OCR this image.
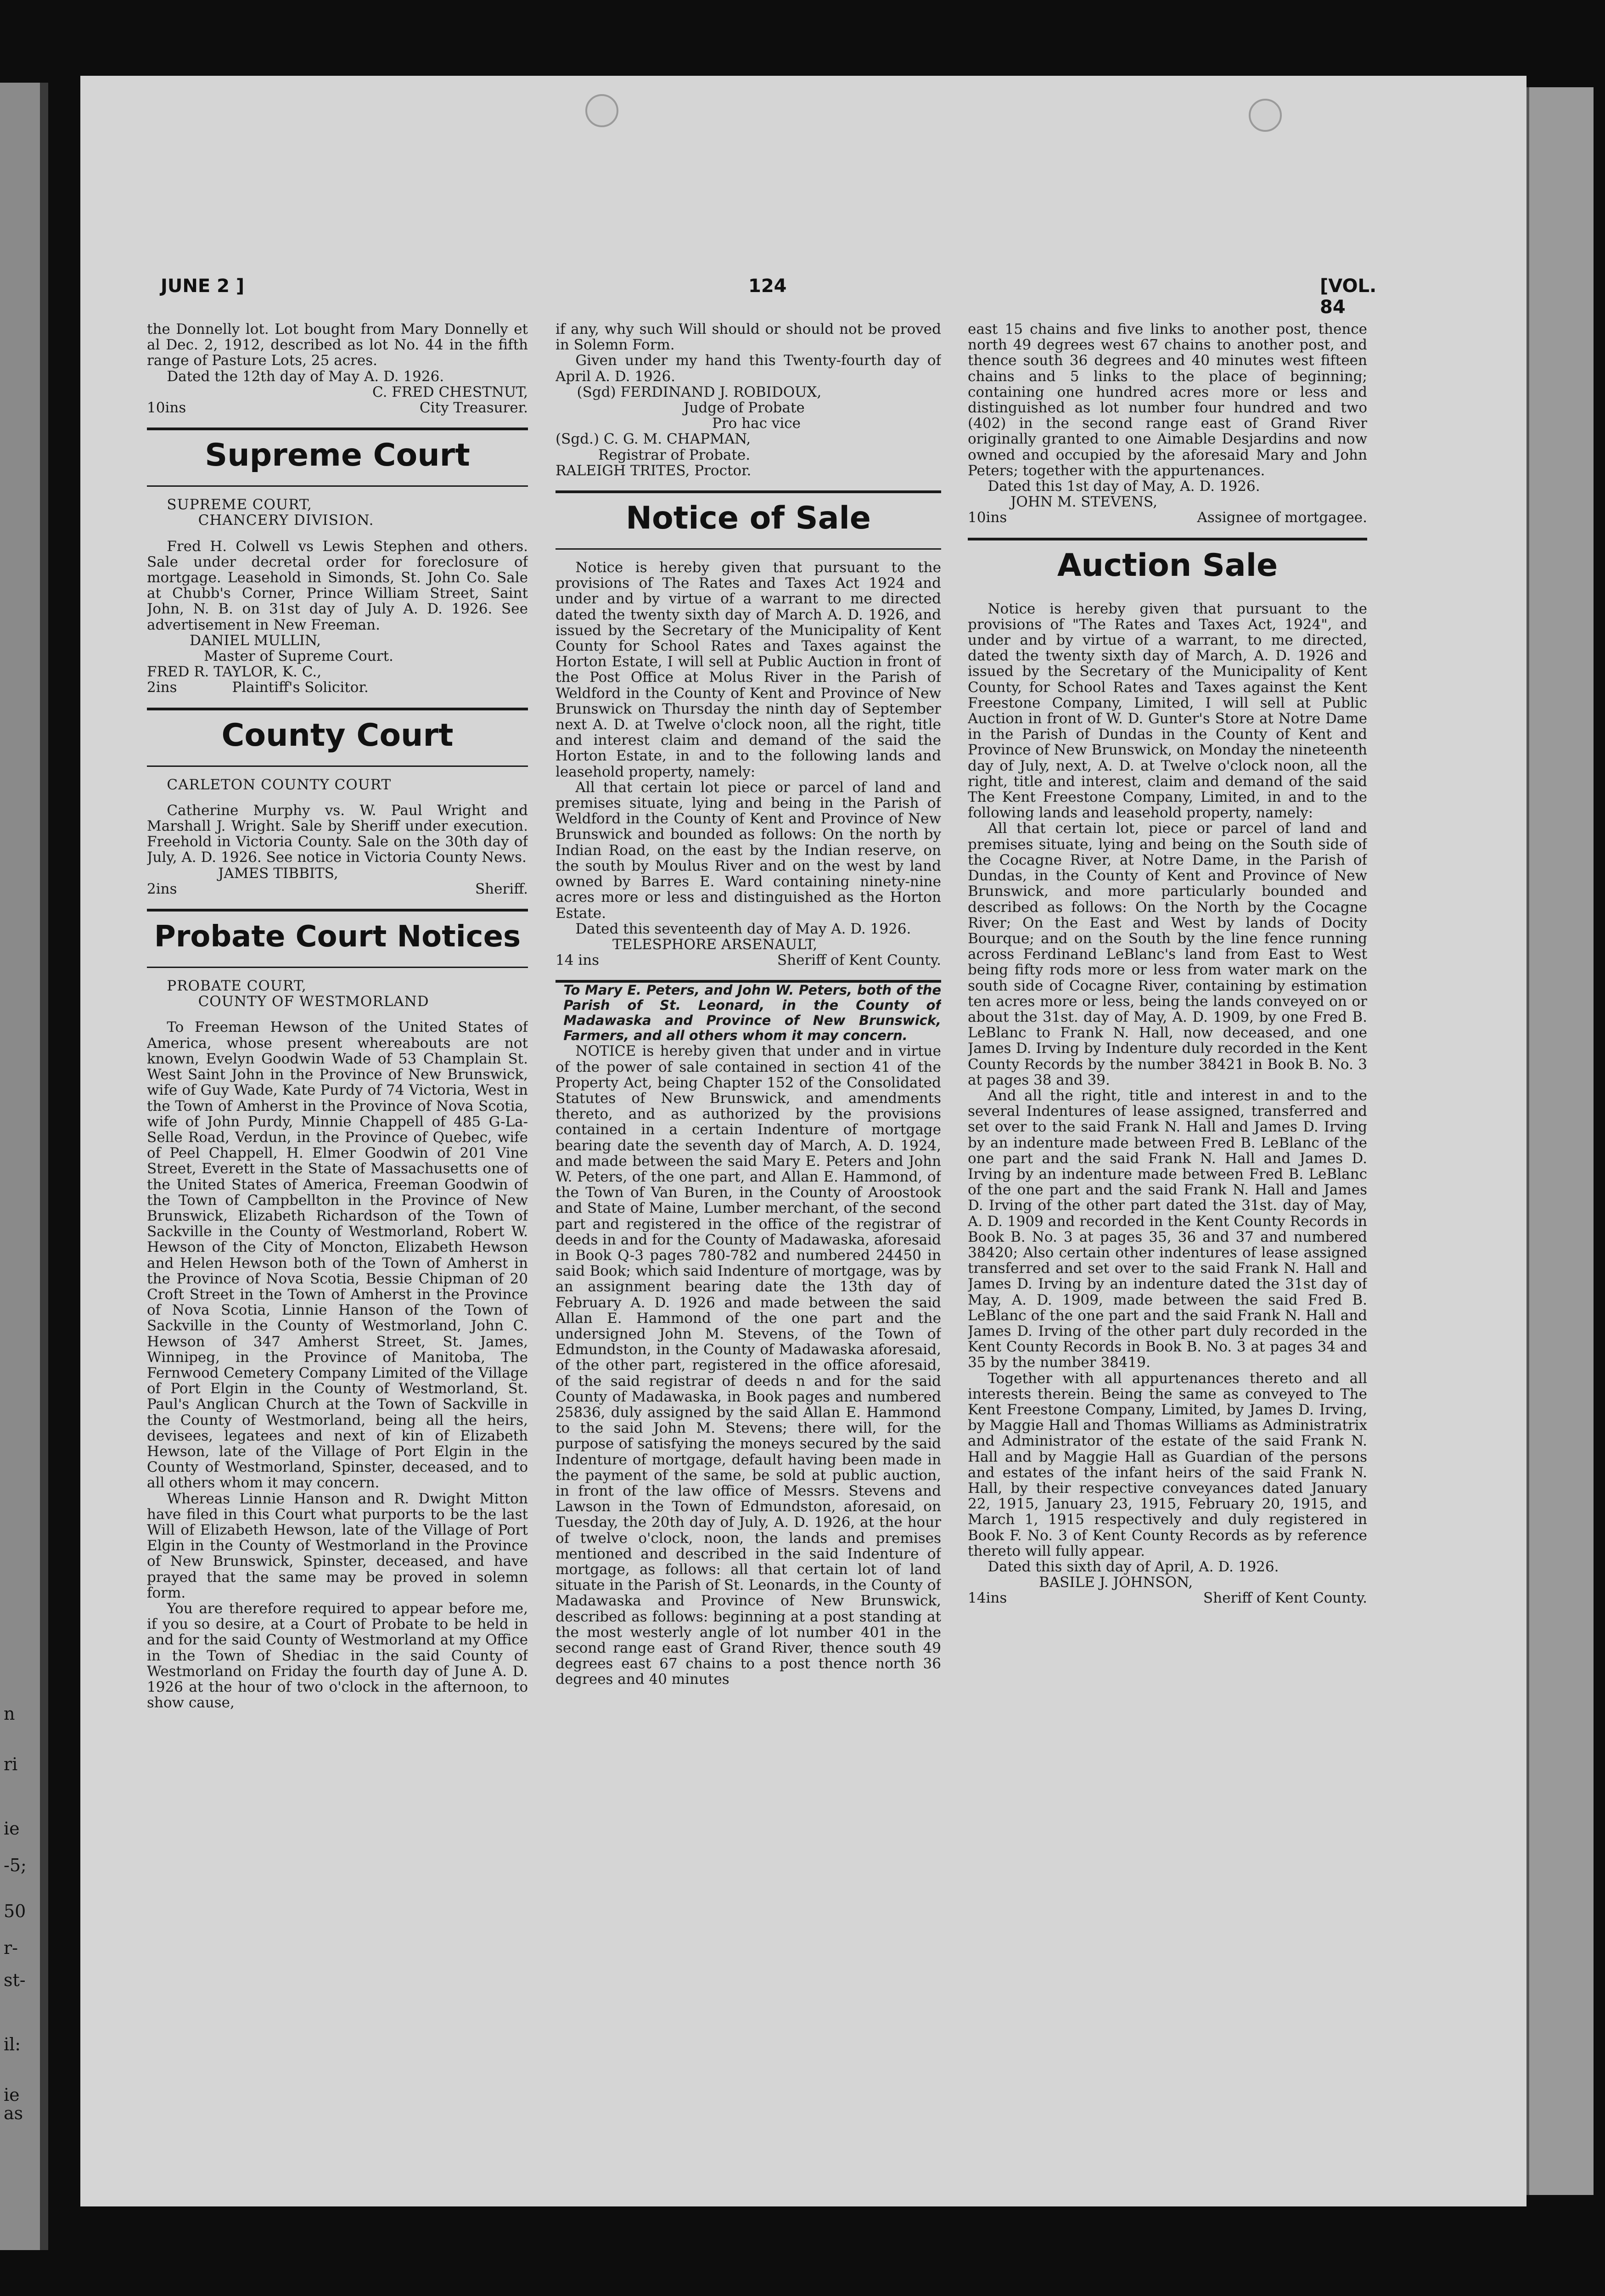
n
ri
ie
-5;
50
r-
st-
il:
ie
as
JUNE 2 ]	124	[VOL. 84

the Donnelly lot. Lot bought from Mary Donnelly et al Dec. 2, 1912, described as lot No. 44 in the fifth range of Pasture Lots, 25 acres.

Dated the 12th day of May A. D. 1926.

C. FRED CHESTNUT,

10ins	City Treasurer.
Supreme Court

SUPREME COURT,

CHANCERY DIVISION.

Fred H. Colwell vs Lewis Stephen and others. Sale under decretal order for foreclosure of mortgage. Leasehold in Simonds, St. John Co. Sale at Chubb's Corner, Prince William Street, Saint John, N. B. on 31st day of July A. D. 1926. See advertisement in New Freeman.

DANIEL MULLIN,

Master of Supreme Court.

FRED R. TAYLOR, K. C.,

2ins	Plaintiff's Solicitor.
County Court

CARLETON COUNTY COURT

Catherine Murphy vs. W. Paul Wright and Marshall J. Wright. Sale by Sheriff under execution. Freehold in Victoria County. Sale on the 30th day of July, A. D. 1926. See notice in Victoria County News.

JAMES TIBBITS,

2ins	Sheriff.
Probate Court Notices

PROBATE COURT,

COUNTY OF WESTMORLAND

To Freeman Hewson of the United States of America, whose present whereabouts are not known, Evelyn Goodwin Wade of 53 Champlain St. West Saint John in the Province of New Brunswick, wife of Guy Wade, Kate Purdy of 74 Victoria, West in the Town of Amherst in the Province of Nova Scotia, wife of John Purdy, Minnie Chappell of 485 G-La-Selle Road, Verdun, in the Province of Quebec, wife of Peel Chappell, H. Elmer Goodwin of 201 Vine Street, Everett in the State of Massachusetts one of the United States of America, Freeman Goodwin of the Town of Campbellton in the Province of New Brunswick, Elizabeth Richardson of the Town of Sackville in the County of Westmorland, Robert W. Hewson of the City of Moncton, Elizabeth Hewson and Helen Hewson both of the Town of Amherst in the Province of Nova Scotia, Bessie Chipman of 20 Croft Street in the Town of Amherst in the Province of Nova Scotia, Linnie Hanson of the Town of Sackville in the County of Westmorland, John C. Hewson of 347 Amherst Street, St. James, Winnipeg, in the Province of Manitoba, The Fernwood Cemetery Company Limited of the Village of Port Elgin in the County of Westmorland, St. Paul's Anglican Church at the Town of Sackville in the County of Westmorland, being all the heirs, devisees, legatees and next of kin of Elizabeth Hewson, late of the Village of Port Elgin in the County of Westmorland, Spinster, deceased, and to all others whom it may concern.

Whereas Linnie Hanson and R. Dwight Mitton have filed in this Court what purports to be the last Will of Elizabeth Hewson, late of the Village of Port Elgin in the County of Westmorland in the Province of New Brunswick, Spinster, deceased, and have prayed that the same may be proved in solemn form.

You are therefore required to appear before me, if you so desire, at a Court of Probate to be held in and for the said County of Westmorland at my Office in the Town of Shediac in the said County of Westmorland on Friday the fourth day of June A. D. 1926 at the hour of two o'clock in the afternoon, to show cause,

if any, why such Will should or should not be proved in Solemn Form.

Given under my hand this Twenty-fourth day of April A. D. 1926.

(Sgd) FERDINAND J. ROBIDOUX,

Judge of Probate

Pro hac vice

(Sgd.) C. G. M. CHAPMAN,

Registrar of Probate.

RALEIGH TRITES, Proctor.

Notice of Sale

Notice is hereby given that pursuant to the provisions of The Rates and Taxes Act 1924 and under and by virtue of a warrant to me directed dated the twenty sixth day of March A. D. 1926, and issued by the Secretary of the Municipality of Kent County for School Rates and Taxes against the Horton Estate, I will sell at Public Auction in front of the Post Office at Molus River in the Parish of Weldford in the County of Kent and Province of New Brunswick on Thursday the ninth day of September next A. D. at Twelve o'clock noon, all the right, title and interest claim and demand of the said the Horton Estate, in and to the following lands and leasehold property, namely:

All that certain lot piece or parcel of land and premises situate, lying and being in the Parish of Weldford in the County of Kent and Province of New Brunswick and bounded as follows: On the north by Indian Road, on the east by the Indian reserve, on the south by Moulus River and on the west by land owned by Barres E. Ward containing ninety-nine acres more or less and distinguished as the Horton Estate.

Dated this seventeenth day of May A. D. 1926.

TELESPHORE ARSENAULT,

14 ins	Sheriff of Kent County.

To Mary E. Peters, and John W. Peters, both of the Parish of St. Leonard, in the County of Madawaska and Province of New Brunswick, Farmers, and all others whom it may concern.

NOTICE is hereby given that under and in virtue of the power of sale contained in section 41 of the Property Act, being Chapter 152 of the Consolidated Statutes of New Brunswick, and amendments thereto, and as authorized by the provisions contained in a certain Indenture of mortgage bearing date the seventh day of March, A. D. 1924, and made between the said Mary E. Peters and John W. Peters, of the one part, and Allan E. Hammond, of the Town of Van Buren, in the County of Aroostook and State of Maine, Lumber merchant, of the second part and registered in the office of the registrar of deeds in and for the County of Madawaska, aforesaid in Book Q-3 pages 780-782 and numbered 24450 in said Book; which said Indenture of mortgage, was by an assignment bearing date the 13th day of February A. D. 1926 and made between the said Allan E. Hammond of the one part and the undersigned John M. Stevens, of the Town of Edmundston, in the County of Madawaska aforesaid, of the other part, registered in the office aforesaid, of the said registrar of deeds n and for the said County of Madawaska, in Book pages and numbered 25836, duly assigned by the said Allan E. Hammond to the said John M. Stevens; there will, for the purpose of satisfying the moneys secured by the said Indenture of mortgage, default having been made in the payment of the same, be sold at public auction, in front of the law office of Messrs. Stevens and Lawson in the Town of Edmundston, aforesaid, on Tuesday, the 20th day of July, A. D. 1926, at the hour of twelve o'clock, noon, the lands and premises mentioned and described in the said Indenture of mortgage, as follows: all that certain lot of land situate in the Parish of St. Leonards, in the County of Madawaska and Province of New Brunswick, described as follows: beginning at a post standing at the most westerly angle of lot number 401 in the second range east of Grand River, thence south 49 degrees east 67 chains to a post thence north 36 degrees and 40 minutes

east 15 chains and five links to another post, thence north 49 degrees west 67 chains to another post, and thence south 36 degrees and 40 minutes west fifteen chains and 5 links to the place of beginning; containing one hundred acres more or less and distinguished as lot number four hundred and two (402) in the second range east of Grand River originally granted to one Aimable Desjardins and now owned and occupied by the aforesaid Mary and John Peters; together with the appurtenances.

Dated this 1st day of May, A. D. 1926.

JOHN M. STEVENS,

10ins	Assignee of mortgagee.
Auction Sale

Notice is hereby given that pursuant to the provisions of "The Rates and Taxes Act, 1924", and under and by virtue of a warrant, to me directed, dated the twenty sixth day of March, A. D. 1926 and issued by the Secretary of the Municipality of Kent County, for School Rates and Taxes against the Kent Freestone Company, Limited, I will sell at Public Auction in front of W. D. Gunter's Store at Notre Dame in the Parish of Dundas in the County of Kent and Province of New Brunswick, on Monday the nineteenth day of July, next, A. D. at Twelve o'clock noon, all the right, title and interest, claim and demand of the said The Kent Freestone Company, Limited, in and to the following lands and leasehold property, namely:

All that certain lot, piece or parcel of land and premises situate, lying and being on the South side of the Cocagne River, at Notre Dame, in the Parish of Dundas, in the County of Kent and Province of New Brunswick, and more particularly bounded and described as follows: On the North by the Cocagne River; On the East and West by lands of Docity Bourque; and on the South by the line fence running across Ferdinand LeBlanc's land from East to West being fifty rods more or less from water mark on the south side of Cocagne River, containing by estimation ten acres more or less, being the lands conveyed on or about the 31st. day of May, A. D. 1909, by one Fred B. LeBlanc to Frank N. Hall, now deceased, and one James D. Irving by Indenture duly recorded in the Kent County Records by the number 38421 in Book B. No. 3 at pages 38 and 39.

And all the right, title and interest in and to the several Indentures of lease assigned, transferred and set over to the said Frank N. Hall and James D. Irving by an indenture made between Fred B. LeBlanc of the one part and the said Frank N. Hall and James D. Irving by an indenture made between Fred B. LeBlanc of the one part and the said Frank N. Hall and James D. Irving of the other part dated the 31st. day of May, A. D. 1909 and recorded in the Kent County Records in Book B. No. 3 at pages 35, 36 and 37 and numbered 38420; Also certain other indentures of lease assigned transferred and set over to the said Frank N. Hall and James D. Irving by an indenture dated the 31st day of May, A. D. 1909, made between the said Fred B. LeBlanc of the one part and the said Frank N. Hall and James D. Irving of the other part duly recorded in the Kent County Records in Book B. No. 3 at pages 34 and 35 by the number 38419.

Together with all appurtenances thereto and all interests therein. Being the same as conveyed to The Kent Freestone Company, Limited, by James D. Irving, by Maggie Hall and Thomas Williams as Administratrix and Administrator of the estate of the said Frank N. Hall and by Maggie Hall as Guardian of the persons and estates of the infant heirs of the said Frank N. Hall, by their respective conveyances dated January 22, 1915, January 23, 1915, February 20, 1915, and March 1, 1915 respectively and duly registered in Book F. No. 3 of Kent County Records as by reference thereto will fully appear.

Dated this sixth day of April, A. D. 1926.

BASILE J. JOHNSON,

14ins	Sheriff of Kent County.
